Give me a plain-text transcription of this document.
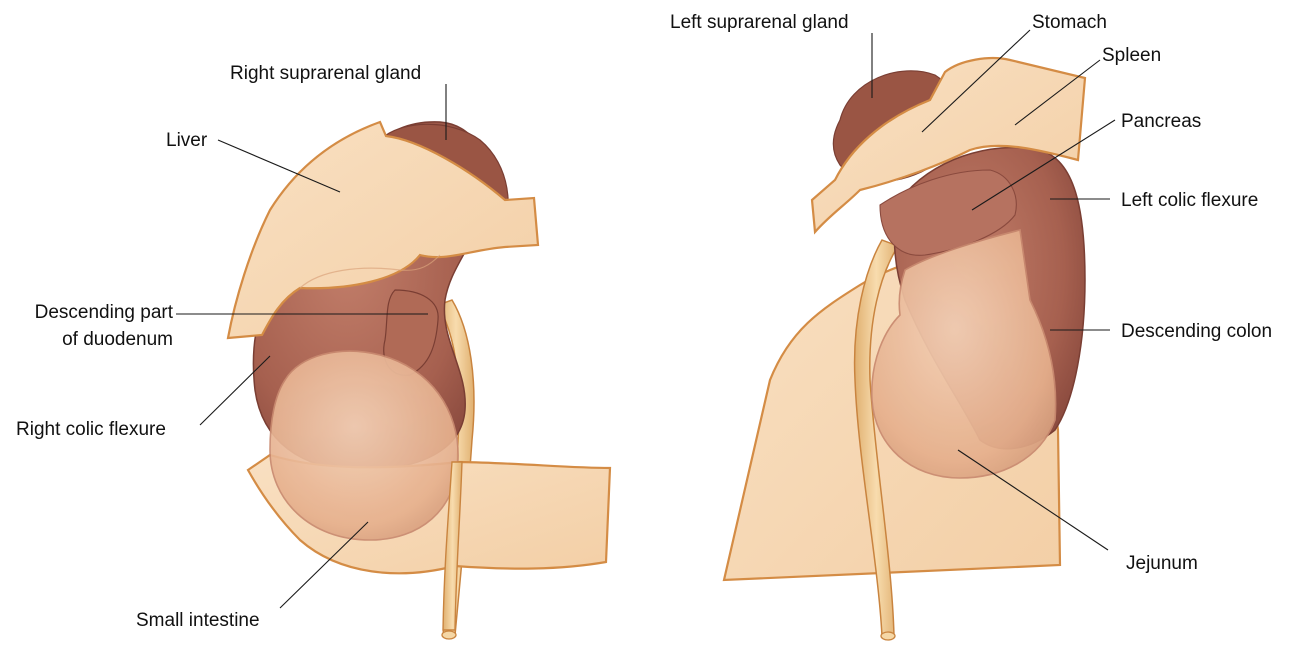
Right suprarenal gland
Liver
Descending part
of duodenum
Right colic flexure
Small intestine
Left suprarenal gland	Stomach
Spleen
Pancreas
Left colic flexure
Descending colon
Jejunum
